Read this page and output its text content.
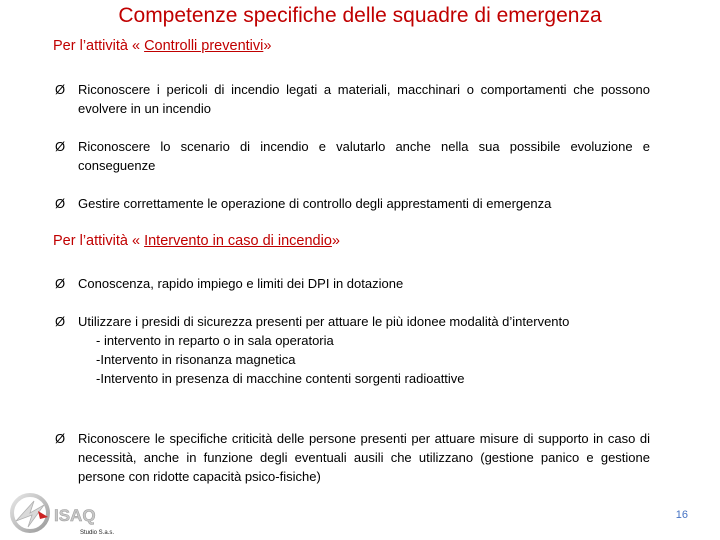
Competenze specifiche delle squadre di emergenza
Per l’attività « Controlli preventivi»
Ø Riconoscere i pericoli di incendio legati a materiali, macchinari o comportamenti che possono evolvere in un incendio
Ø Riconoscere lo scenario di incendio e valutarlo anche nella sua possibile evoluzione e conseguenze
Ø Gestire correttamente le operazione di controllo degli apprestamenti di emergenza
Per l’attività « Intervento in caso di incendio»
Ø Conoscenza, rapido impiego e limiti dei DPI in dotazione
Ø Utilizzare i presidi di sicurezza presenti per attuare le più idonee modalità d’intervento
- intervento in reparto o in sala operatoria
-Intervento in risonanza magnetica
-Intervento in presenza di macchine contenti sorgenti radioattive
Ø Riconoscere le specifiche criticità delle persone presenti per attuare misure di supporto in caso di necessità, anche in funzione degli eventuali ausili che utilizzano (gestione panico e gestione persone con ridotte capacità psico-fisiche)
ISAQ
Studio S.a.s.
16
